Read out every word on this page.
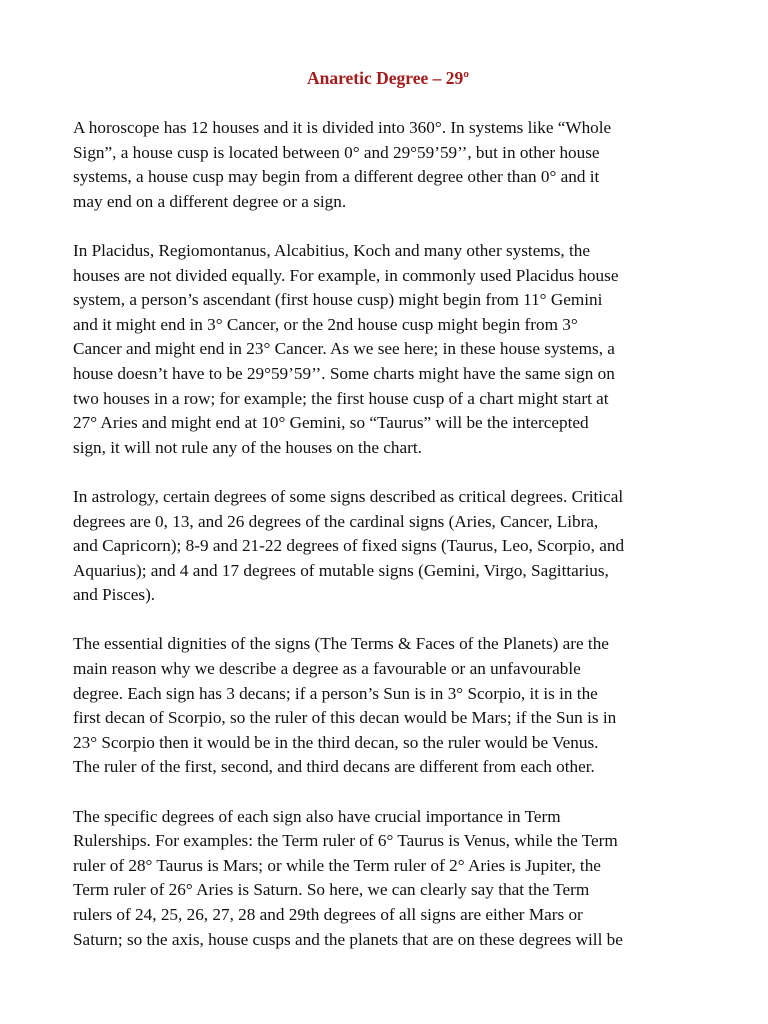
Anaretic Degree – 29º

A horoscope has 12 houses and it is divided into 360°. In systems like “Whole
Sign”, a house cusp is located between 0° and 29°59’59’’, but in other house
systems, a house cusp may begin from a different degree other than 0° and it
may end on a different degree or a sign.

In Placidus, Regiomontanus, Alcabitius, Koch and many other systems, the
houses are not divided equally. For example, in commonly used Placidus house
system, a person’s ascendant (first house cusp) might begin from 11° Gemini
and it might end in 3° Cancer, or the 2nd house cusp might begin from 3°
Cancer and might end in 23° Cancer. As we see here; in these house systems, a
house doesn’t have to be 29°59’59’’. Some charts might have the same sign on
two houses in a row; for example; the first house cusp of a chart might start at
27° Aries and might end at 10° Gemini, so “Taurus” will be the intercepted
sign, it will not rule any of the houses on the chart.

In astrology, certain degrees of some signs described as critical degrees. Critical
degrees are 0, 13, and 26 degrees of the cardinal signs (Aries, Cancer, Libra,
and Capricorn); 8-9 and 21-22 degrees of fixed signs (Taurus, Leo, Scorpio, and
Aquarius); and 4 and 17 degrees of mutable signs (Gemini, Virgo, Sagittarius,
and Pisces).

The essential dignities of the signs (The Terms & Faces of the Planets) are the
main reason why we describe a degree as a favourable or an unfavourable
degree. Each sign has 3 decans; if a person’s Sun is in 3° Scorpio, it is in the
first decan of Scorpio, so the ruler of this decan would be Mars; if the Sun is in
23° Scorpio then it would be in the third decan, so the ruler would be Venus.
The ruler of the first, second, and third decans are different from each other.

The specific degrees of each sign also have crucial importance in Term
Rulerships. For examples: the Term ruler of 6° Taurus is Venus, while the Term
ruler of 28° Taurus is Mars; or while the Term ruler of 2° Aries is Jupiter, the
Term ruler of 26° Aries is Saturn. So here, we can clearly say that the Term
rulers of 24, 25, 26, 27, 28 and 29th degrees of all signs are either Mars or
Saturn; so the axis, house cusps and the planets that are on these degrees will be
